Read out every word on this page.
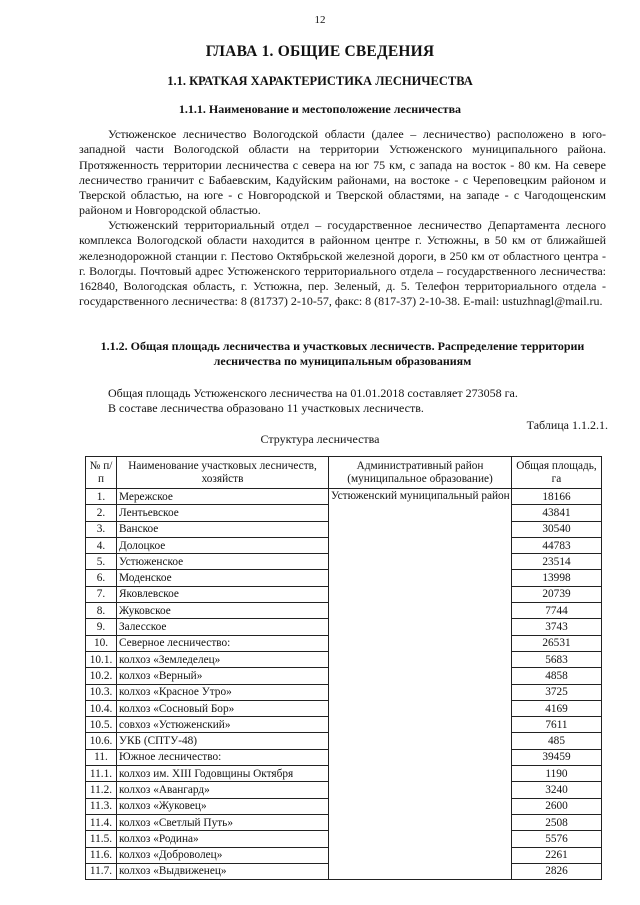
12
ГЛАВА 1. ОБЩИЕ СВЕДЕНИЯ
1.1. КРАТКАЯ ХАРАКТЕРИСТИКА ЛЕСНИЧЕСТВА
1.1.1. Наименование и местоположение лесничества

Устюженское лесничество Вологодской области (далее – лесничество) расположено в юго-западной части Вологодской области на территории Устюженского муниципального района. Протяженность территории лесничества с севера на юг 75 км, с запада на восток - 80 км. На севере лесничество граничит с Бабаевским, Кадуйским районами, на востоке - с Череповецким районом и Тверской областью, на юге - с Новгородской и Тверской областями, на западе - с Чагодощенским районом и Новгородской областью.

Устюженский территориальный отдел – государственное лесничество Департамента лесного комплекса Вологодской области находится в районном центре г. Устюжны, в 50 км от ближайшей железнодорожной станции г. Пестово Октябрьской железной дороги, в 250 км от областного центра - г. Вологды. Почтовый адрес Устюженского территориального отдела – государственного лесничества: 162840, Вологодская область, г. Устюжна, пер. Зеленый, д. 5. Телефон территориального отдела - государственного лесничества: 8 (81737) 2-10-57, факс: 8 (817-37) 2-10-38. E-mail: ustuzhnagl@mail.ru.

1.1.2. Общая площадь лесничества и участковых лесничеств. Распределение территории лесничества по муниципальным образованиям
Общая площадь Устюженского лесничества на 01.01.2018 составляет 273058 га.
В составе лесничества образовано 11 участковых лесничеств.
Таблица 1.1.2.1.
Структура лесничества
№ п/п	Наименование участковых лесничеств, хозяйств	Административный район (муниципальное образование)	Общая площадь, га
1.	Мережское	Устюженский муниципальный район	18166
2.	Лентьевское		43841
3.	Ванское		30540
4.	Долоцкое		44783
5.	Устюженское		23514
6.	Моденское		13998
7.	Яковлевское		20739
8.	Жуковское		7744
9.	Залесское		3743
10.	Северное лесничество:		26531
10.1.	колхоз «Земледелец»		5683
10.2.	колхоз «Верный»		4858
10.3.	колхоз «Красное Утро»		3725
10.4.	колхоз «Сосновый Бор»		4169
10.5.	совхоз «Устюженский»		7611
10.6.	УКБ (СПТУ-48)		485
11.	Южное лесничество:		39459
11.1.	колхоз им. XIII Годовщины Октября		1190
11.2.	колхоз «Авангард»		3240
11.3.	колхоз «Жуковец»		2600
11.4.	колхоз «Светлый Путь»		2508
11.5.	колхоз «Родина»		5576
11.6.	колхоз «Доброволец»		2261
11.7.	колхоз «Выдвиженец»		2826
